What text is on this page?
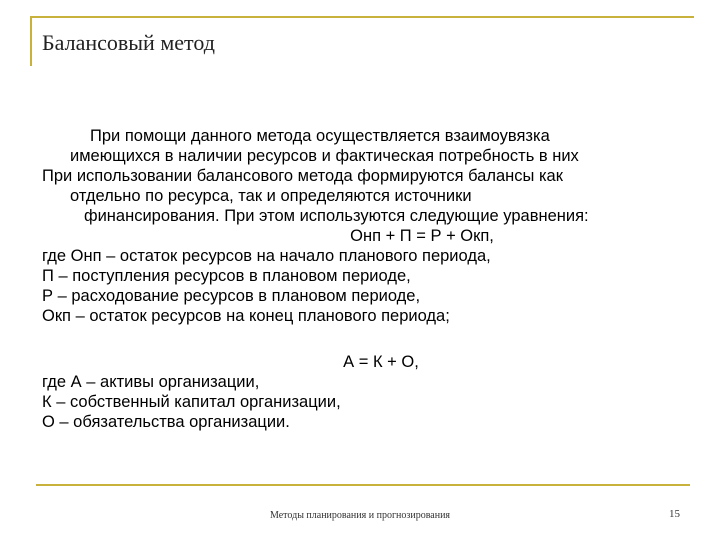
Балансовый метод
При помощи данного метода осуществляется взаимоувязка
имеющихся в наличии ресурсов и фактическая потребность в них
При использовании балансового метода формируются балансы как
отдельно по ресурса, так и определяются источники
финансирования. При этом используются следующие уравнения:
Онп + П = Р + Окп,
где Онп – остаток ресурсов на начало планового периода,
П – поступления ресурсов в плановом периоде,
Р – расходование ресурсов в плановом периоде,
Окп – остаток ресурсов на конец планового периода;
А = К + О,
где А – активы организации,
К – собственный капитал организации,
О – обязательства организации.
Методы планирования и прогнозирования	15
